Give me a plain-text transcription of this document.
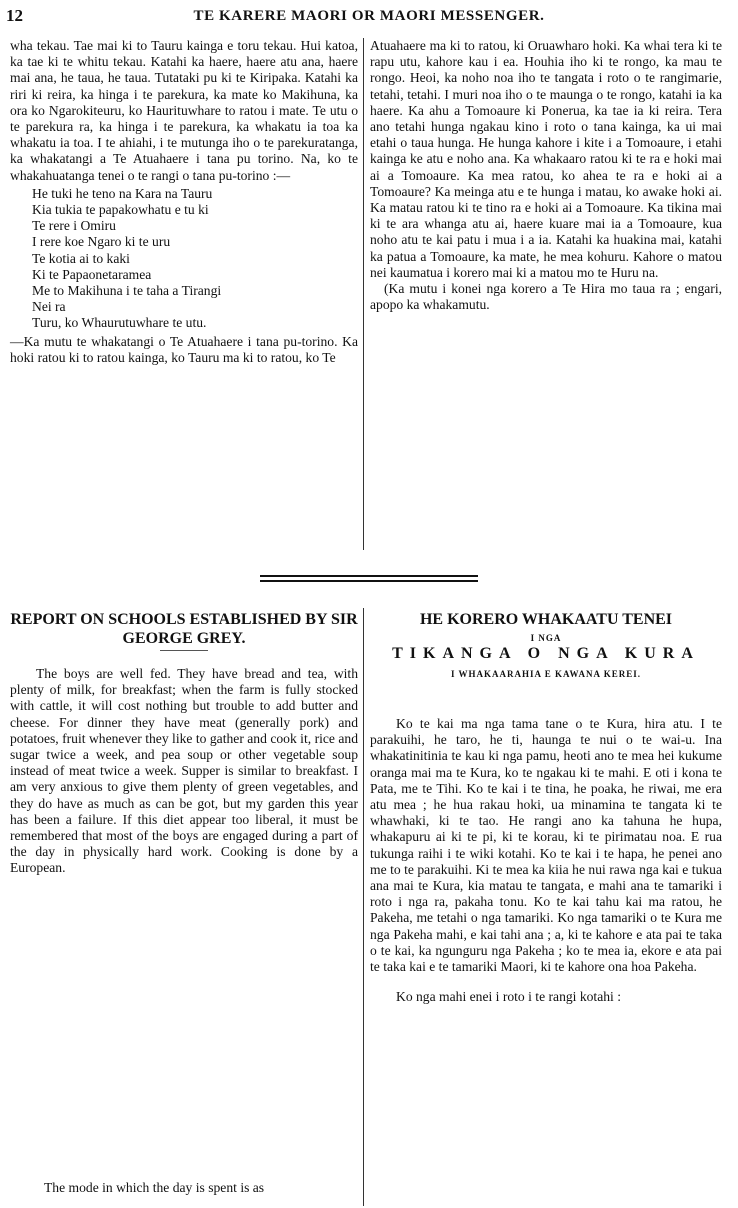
12	TE KARERE MAORI OR MAORI MESSENGER.

wha tekau. Tae mai ki to Tauru kainga e toru tekau. Hui katoa, ka tae ki te whitu tekau. Katahi ka haere, haere atu ana, haere mai ana, he taua, he taua. Tutataki pu ki te Kiripaka. Katahi ka riri ki reira, ka hinga i te parekura, ka mate ko Makihuna, ka ora ko Ngarokiteuru, ko Haurituwhare to ratou i mate. Te utu o te parekura ra, ka hinga i te parekura, ka whakatu ia toa ka whakatu ia toa. I te ahiahi, i te mutunga iho o te parekuratanga, ka whakatangi a Te Atuahaere i tana pu torino. Na, ko te whakahuatanga tenei o te rangi o tana pu-torino :—

He tuki he teno na Kara na Tauru
Kia tukia te papakowhatu e tu ki
Te rere i Omiru
I rere koe Ngaro ki te uru
Te kotia ai to kaki
Ki te Papaonetaramea
Me to Makihuna i te taha a Tirangi
Nei ra
Turu, ko Whaurutuwhare te utu.

—Ka mutu te whakatangi o Te Atuahaere i tana pu-torino. Ka hoki ratou ki to ratou kainga, ko Tauru ma ki to ratou, ko Te

Atuahaere ma ki to ratou, ki Oruawharo hoki. Ka whai tera ki te rapu utu, kahore kau i ea. Houhia iho ki te rongo, ka mau te rongo. Heoi, ka noho noa iho te tangata i roto o te rangimarie, tetahi, tetahi. I muri noa iho o te maunga o te rongo, katahi ia ka haere. Ka ahu a Tomoaure ki Ponerua, ka tae ia ki reira. Tera ano tetahi hunga ngakau kino i roto o tana kainga, ka ui mai etahi o taua hunga. He hunga kahore i kite i a Tomoaure, i etahi kainga ke atu e noho ana. Ka whakaaro ratou ki te ra e hoki mai ai a Tomoaure. Ka mea ratou, ko ahea te ra e hoki ai a Tomoaure? Ka meinga atu e te hunga i matau, ko awake hoki ai. Ka matau ratou ki te tino ra e hoki ai a Tomoaure. Ka tikina mai ki te ara whanga atu ai, haere kuare mai ia a Tomoaure, kua noho atu te kai patu i mua i a ia. Katahi ka huakina mai, katahi ka patua a Tomoaure, ka mate, he mea kohuru. Kahore o matou nei kaumatua i korero mai ki a matou mo te Huru na.

(Ka mutu i konei nga korero a Te Hira mo taua ra ; engari, apopo ka whakamutu.

REPORT ON SCHOOLS ESTABLISHED BY SIR GEORGE GREY.
HE KORERO WHAKAATU TENEI
I NGA
TIKANGA O NGA KURA
I WHAKAARAHIA E KAWANA KEREI.

The boys are well fed. They have bread and tea, with plenty of milk, for breakfast; when the farm is fully stocked with cattle, it will cost nothing but trouble to add butter and cheese. For dinner they have meat (generally pork) and potatoes, fruit whenever they like to gather and cook it, rice and sugar twice a week, and pea soup or other vegetable soup instead of meat twice a week. Supper is similar to breakfast. I am very anxious to give them plenty of green vegetables, and they do have as much as can be got, but my garden this year has been a failure. If this diet appear too liberal, it must be remembered that most of the boys are engaged during a part of the day in physically hard work. Cooking is done by a European.

Ko te kai ma nga tama tane o te Kura, hira atu. I te parakuihi, he taro, he ti, haunga te nui o te wai-u. Ina whakatinitinia te kau ki nga pamu, heoti ano te mea hei kukume oranga mai ma te Kura, ko te ngakau ki te mahi. E oti i kona te Pata, me te Tihi. Ko te kai i te tina, he poaka, he riwai, me era atu mea ; he hua rakau hoki, ua minamina te tangata ki te whawhaki, ki te tao. He rangi ano ka tahuna he hupa, whakapuru ai ki te pi, ki te korau, ki te pirimatau noa. E rua tukunga raihi i te wiki kotahi. Ko te kai i te hapa, he penei ano me to te parakuihi. Ki te mea ka kiia he nui rawa nga kai e tukua ana mai te Kura, kia matau te tangata, e mahi ana te tamariki i roto i nga ra, pakaha tonu. Ko te kai tahu kai ma ratou, he Pakeha, me tetahi o nga tamariki. Ko nga tamariki o te Kura me nga Pakeha mahi, e kai tahi ana ; a, ki te kahore e ata pai te taka o te kai, ka ngunguru nga Pakeha ; ko te mea ia, ekore e ata pai te taka kai e te tamariki Maori, ki te kahore ona hoa Pakeha.

Ko nga mahi enei i roto i te rangi kotahi :

The mode in which the day is spent is as
